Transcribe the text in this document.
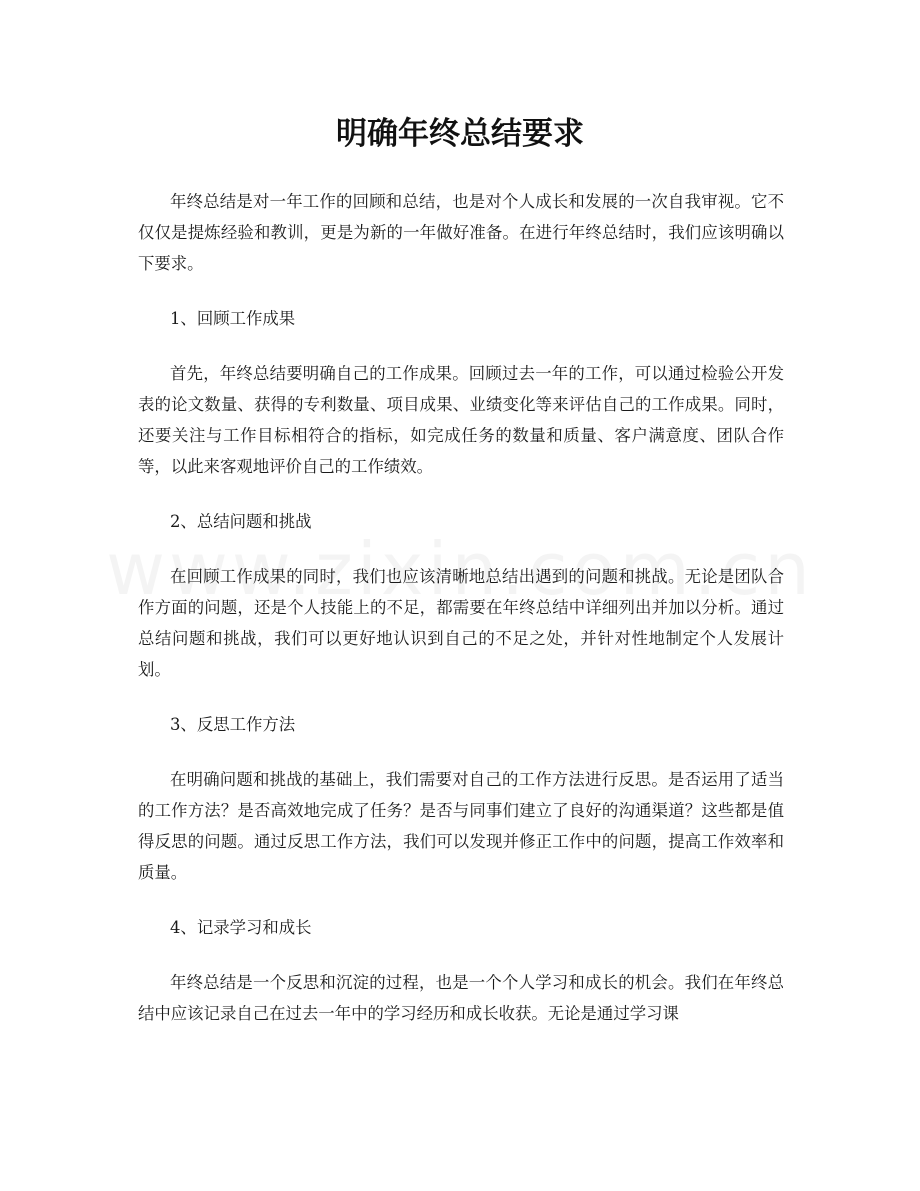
明确年终总结要求

年终总结是对一年工作的回顾和总结，也是对个人成长和发展的一次自我审视。它不仅仅是提炼经验和教训，更是为新的一年做好准备。在进行年终总结时，我们应该明确以下要求。

1、回顾工作成果

首先，年终总结要明确自己的工作成果。回顾过去一年的工作，可以通过检验公开发表的论文数量、获得的专利数量、项目成果、业绩变化等来评估自己的工作成果。同时，还要关注与工作目标相符合的指标，如完成任务的数量和质量、客户满意度、团队合作等，以此来客观地评价自己的工作绩效。

2、总结问题和挑战

在回顾工作成果的同时，我们也应该清晰地总结出遇到的问题和挑战。无论是团队合作方面的问题，还是个人技能上的不足，都需要在年终总结中详细列出并加以分析。通过总结问题和挑战，我们可以更好地认识到自己的不足之处，并针对性地制定个人发展计划。

3、反思工作方法

在明确问题和挑战的基础上，我们需要对自己的工作方法进行反思。是否运用了适当的工作方法？是否高效地完成了任务？是否与同事们建立了良好的沟通渠道？这些都是值得反思的问题。通过反思工作方法，我们可以发现并修正工作中的问题，提高工作效率和质量。

4、记录学习和成长

年终总结是一个反思和沉淀的过程，也是一个个人学习和成长的机会。我们在年终总结中应该记录自己在过去一年中的学习经历和成长收获。无论是通过学习课
